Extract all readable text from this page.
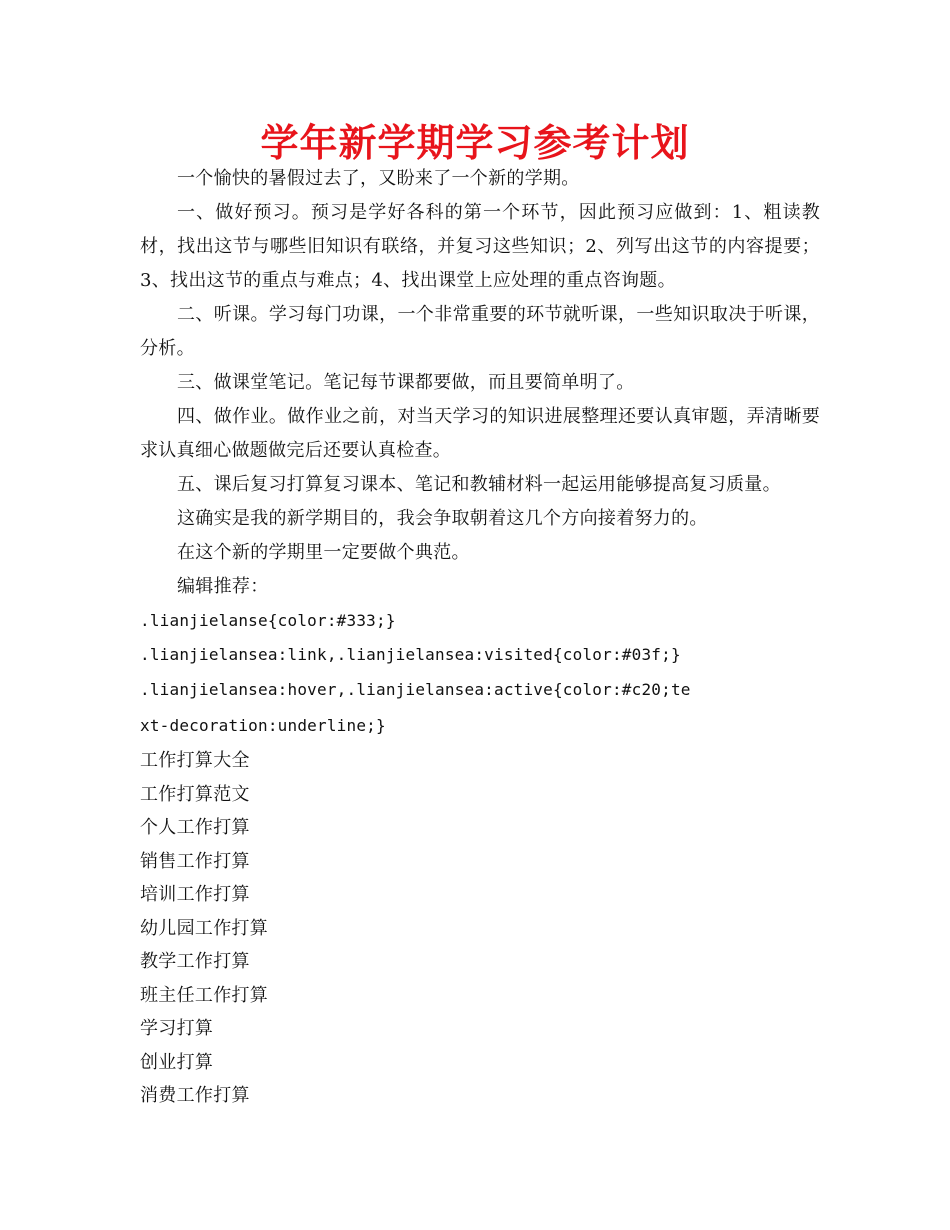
学年新学期学习参考计划

一个愉快的暑假过去了，又盼来了一个新的学期。

一、做好预习。预习是学好各科的第一个环节，因此预习应做到：1、粗读教材，找出这节与哪些旧知识有联络，并复习这些知识；2、列写出这节的内容提要；3、找出这节的重点与难点；4、找出课堂上应处理的重点咨询题。

二、听课。学习每门功课，一个非常重要的环节就听课，一些知识取决于听课，分析。

三、做课堂笔记。笔记每节课都要做，而且要简单明了。

四、做作业。做作业之前，对当天学习的知识进展整理还要认真审题，弄清晰要求认真细心做题做完后还要认真检查。

五、课后复习打算复习课本、笔记和教辅材料一起运用能够提高复习质量。

这确实是我的新学期目的，我会争取朝着这几个方向接着努力的。

在这个新的学期里一定要做个典范。

编辑推荐：

.lianjielanse{color:#333;}

.lianjielansea:link,.lianjielansea:visited{color:#03f;}

.lianjielansea:hover,.lianjielansea:active{color:#c20;text-decoration:underline;}

工作打算大全
工作打算范文
个人工作打算
销售工作打算
培训工作打算
幼儿园工作打算
教学工作打算
班主任工作打算
学习打算
创业打算
消费工作打算
